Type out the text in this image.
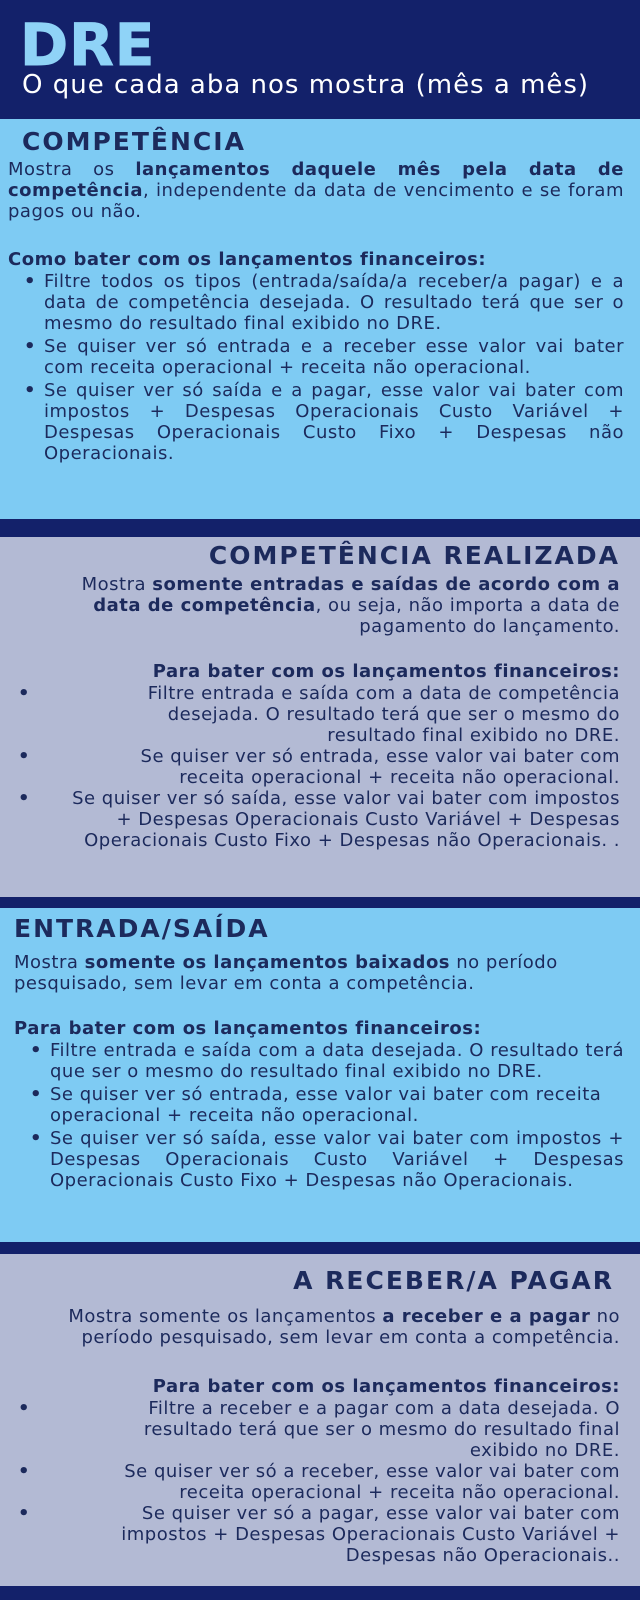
DRE
O que cada aba nos mostra (mês a mês)
COMPETÊNCIA
Mostra os lançamentos daquele mês pela data de competência, independente da data de vencimento e se foram pagos ou não.
Como bater com os lançamentos financeiros:
• Filtre todos os tipos (entrada/saída/a receber/a pagar) e a data de competência desejada. O resultado terá que ser o mesmo do resultado final exibido no DRE.
• Se quiser ver só entrada e a receber esse valor vai bater com receita operacional + receita não operacional.
• Se quiser ver só saída e a pagar, esse valor vai bater com impostos + Despesas Operacionais Custo Variável + Despesas Operacionais Custo Fixo + Despesas não Operacionais.
COMPETÊNCIA REALIZADA
Mostra somente entradas e saídas de acordo com a data de competência, ou seja, não importa a data de pagamento do lançamento.
Para bater com os lançamentos financeiros:
•	Filtre entrada e saída com a data de competência desejada. O resultado terá que ser o mesmo do resultado final exibido no DRE.
•	Se quiser ver só entrada, esse valor vai bater com receita operacional + receita não operacional.
• Se quiser ver só saída, esse valor vai bater com impostos + Despesas Operacionais Custo Variável + Despesas Operacionais Custo Fixo + Despesas não Operacionais. .
ENTRADA/SAÍDA
Mostra somente os lançamentos baixados no período pesquisado, sem levar em conta a competência.
Para bater com os lançamentos financeiros:
• Filtre entrada e saída com a data desejada. O resultado terá que ser o mesmo do resultado final exibido no DRE.
• Se quiser ver só entrada, esse valor vai bater com receita operacional + receita não operacional.
• Se quiser ver só saída, esse valor vai bater com impostos + Despesas Operacionais Custo Variável + Despesas Operacionais Custo Fixo + Despesas não Operacionais.
A RECEBER/A PAGAR
Mostra somente os lançamentos a receber e a pagar no período pesquisado, sem levar em conta a competência.
Para bater com os lançamentos financeiros:
•	Filtre a receber e a pagar com a data desejada. O resultado terá que ser o mesmo do resultado final exibido no DRE.
•	Se quiser ver só a receber, esse valor vai bater com receita operacional + receita não operacional.
•	Se quiser ver só a pagar, esse valor vai bater com impostos + Despesas Operacionais Custo Variável + Despesas não Operacionais..
